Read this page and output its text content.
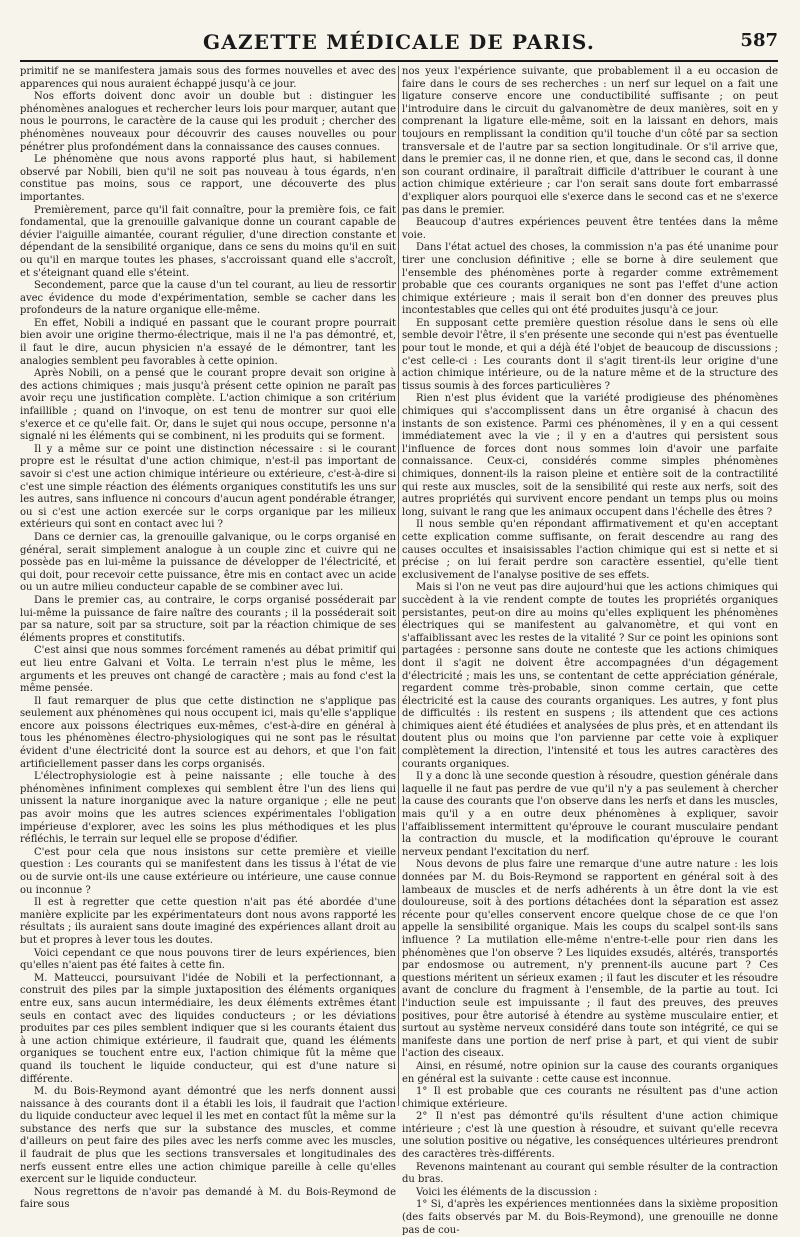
GAZETTE MÉDICALE DE PARIS.	587

primitif ne se manifestera jamais sous des formes nouvelles et avec des apparences qui nous auraient échappé jusqu'à ce jour.

Nos efforts doivent donc avoir un double but : distinguer les phénomènes analogues et rechercher leurs lois pour marquer, autant que nous le pourrons, le caractère de la cause qui les produit ; chercher des phénomènes nouveaux pour découvrir des causes nouvelles ou pour pénétrer plus profondément dans la connaissance des causes connues.

Le phénomène que nous avons rapporté plus haut, si habilement observé par Nobili, bien qu'il ne soit pas nouveau à tous égards, n'en constitue pas moins, sous ce rapport, une découverte des plus importantes.

Premièrement, parce qu'il fait connaître, pour la première fois, ce fait fondamental, que la grenouille galvanique donne un courant capable de dévier l'aiguille aimantée, courant régulier, d'une direction constante et dépendant de la sensibilité organique, dans ce sens du moins qu'il en suit ou qu'il en marque toutes les phases, s'accroissant quand elle s'accroît, et s'éteignant quand elle s'éteint.

Secondement, parce que la cause d'un tel courant, au lieu de ressortir avec évidence du mode d'expérimentation, semble se cacher dans les profondeurs de la nature organique elle-même.

En effet, Nobili a indiqué en passant que le courant propre pourrait bien avoir une origine thermo-électrique, mais il ne l'a pas démontré, et, il faut le dire, aucun physicien n'a essayé de le démontrer, tant les analogies semblent peu favorables à cette opinion.

Après Nobili, on a pensé que le courant propre devait son origine à des actions chimiques ; mais jusqu'à présent cette opinion ne paraît pas avoir reçu une justification complète. L'action chimique a son critérium infaillible ; quand on l'invoque, on est tenu de montrer sur quoi elle s'exerce et ce qu'elle fait. Or, dans le sujet qui nous occupe, personne n'a signalé ni les éléments qui se combinent, ni les produits qui se forment.

Il y a même sur ce point une distinction nécessaire : si le courant propre est le résultat d'une action chimique, n'est-il pas important de savoir si c'est une action chimique intérieure ou extérieure, c'est-à-dire si c'est une simple réaction des éléments organiques constitutifs les uns sur les autres, sans influence ni concours d'aucun agent pondérable étranger, ou si c'est une action exercée sur le corps organique par les milieux extérieurs qui sont en contact avec lui ?

Dans ce dernier cas, la grenouille galvanique, ou le corps organisé en général, serait simplement analogue à un couple zinc et cuivre qui ne possède pas en lui-même la puissance de développer de l'électricité, et qui doit, pour recevoir cette puissance, être mis en contact avec un acide ou un autre milieu conducteur capable de se combiner avec lui.

Dans le premier cas, au contraire, le corps organisé posséderait par lui-même la puissance de faire naître des courants ; il la posséderait soit par sa nature, soit par sa structure, soit par la réaction chimique de ses éléments propres et constitutifs.

C'est ainsi que nous sommes forcément ramenés au débat primitif qui eut lieu entre Galvani et Volta. Le terrain n'est plus le même, les arguments et les preuves ont changé de caractère ; mais au fond c'est la même pensée.

Il faut remarquer de plus que cette distinction ne s'applique pas seulement aux phénomènes qui nous occupent ici, mais qu'elle s'applique encore aux poissons électriques eux-mêmes, c'est-à-dire en général à tous les phénomènes électro-physiologiques qui ne sont pas le résultat évident d'une électricité dont la source est au dehors, et que l'on fait artificiellement passer dans les corps organisés.

L'électrophysiologie est à peine naissante ; elle touche à des phénomènes infiniment complexes qui semblent être l'un des liens qui unissent la nature inorganique avec la nature organique ; elle ne peut pas avoir moins que les autres sciences expérimentales l'obligation impérieuse d'explorer, avec les soins les plus méthodiques et les plus réfléchis, le terrain sur lequel elle se propose d'édifier.

C'est pour cela que nous insistons sur cette première et vieille question : Les courants qui se manifestent dans les tissus à l'état de vie ou de survie ont-ils une cause extérieure ou intérieure, une cause connue ou inconnue ?

Il est à regretter que cette question n'ait pas été abordée d'une manière explicite par les expérimentateurs dont nous avons rapporté les résultats ; ils auraient sans doute imaginé des expériences allant droit au but et propres à lever tous les doutes.

Voici cependant ce que nous pouvons tirer de leurs expériences, bien qu'elles n'aient pas été faites à cette fin.

M. Matteucci, poursuivant l'idée de Nobili et la perfectionnant, a construit des piles par la simple juxtaposition des éléments organiques entre eux, sans aucun intermédiaire, les deux éléments extrêmes étant seuls en contact avec des liquides conducteurs ; or les déviations produites par ces piles semblent indiquer que si les courants étaient dus à une action chimique extérieure, il faudrait que, quand les éléments organiques se touchent entre eux, l'action chimique fût la même que quand ils touchent le liquide conducteur, qui est d'une nature si différente.

M. du Bois-Reymond ayant démontré que les nerfs donnent aussi naissance à des courants dont il a établi les lois, il faudrait que l'action du liquide conducteur avec lequel il les met en contact fût la même sur la substance des nerfs que sur la substance des muscles, et comme d'ailleurs on peut faire des piles avec les nerfs comme avec les muscles, il faudrait de plus que les sections transversales et longitudinales des nerfs eussent entre elles une action chimique pareille à celle qu'elles exercent sur le liquide conducteur.

Nous regrettons de n'avoir pas demandé à M. du Bois-Reymond de faire sous

nos yeux l'expérience suivante, que probablement il a eu occasion de faire dans le cours de ses recherches : un nerf sur lequel on a fait une ligature conserve encore une conductibilité suffisante ; on peut l'introduire dans le circuit du galvanomètre de deux manières, soit en y comprenant la ligature elle-même, soit en la laissant en dehors, mais toujours en remplissant la condition qu'il touche d'un côté par sa section transversale et de l'autre par sa section longitudinale. Or s'il arrive que, dans le premier cas, il ne donne rien, et que, dans le second cas, il donne son courant ordinaire, il paraîtrait difficile d'attribuer le courant à une action chimique extérieure ; car l'on serait sans doute fort embarrassé d'expliquer alors pourquoi elle s'exerce dans le second cas et ne s'exerce pas dans le premier.

Beaucoup d'autres expériences peuvent être tentées dans la même voie.

Dans l'état actuel des choses, la commission n'a pas été unanime pour tirer une conclusion définitive ; elle se borne à dire seulement que l'ensemble des phénomènes porte à regarder comme extrêmement probable que ces courants organiques ne sont pas l'effet d'une action chimique extérieure ; mais il serait bon d'en donner des preuves plus incontestables que celles qui ont été produites jusqu'à ce jour.

En supposant cette première question résolue dans le sens où elle semble devoir l'être, il s'en présente une seconde qui n'est pas éventuelle pour tout le monde, et qui a déjà été l'objet de beaucoup de discussions ; c'est celle-ci : Les courants dont il s'agit tirent-ils leur origine d'une action chimique intérieure, ou de la nature même et de la structure des tissus soumis à des forces particulières ?

Rien n'est plus évident que la variété prodigieuse des phénomènes chimiques qui s'accomplissent dans un être organisé à chacun des instants de son existence. Parmi ces phénomènes, il y en a qui cessent immédiatement avec la vie ; il y en a d'autres qui persistent sous l'influence de forces dont nous sommes loin d'avoir une parfaite connaissance. Ceux-ci, considérés comme simples phénomènes chimiques, donnent-ils la raison pleine et entière soit de la contractilité qui reste aux muscles, soit de la sensibilité qui reste aux nerfs, soit des autres propriétés qui survivent encore pendant un temps plus ou moins long, suivant le rang que les animaux occupent dans l'échelle des êtres ?

Il nous semble qu'en répondant affirmativement et qu'en acceptant cette explication comme suffisante, on ferait descendre au rang des causes occultes et insaisissables l'action chimique qui est si nette et si précise ; on lui ferait perdre son caractère essentiel, qu'elle tient exclusivement de l'analyse positive de ses effets.

Mais si l'on ne veut pas dire aujourd'hui que les actions chimiques qui succèdent à la vie rendent compte de toutes les propriétés organiques persistantes, peut-on dire au moins qu'elles expliquent les phénomènes électriques qui se manifestent au galvanomètre, et qui vont en s'affaiblissant avec les restes de la vitalité ? Sur ce point les opinions sont partagées : personne sans doute ne conteste que les actions chimiques dont il s'agit ne doivent être accompagnées d'un dégagement d'électricité ; mais les uns, se contentant de cette appréciation générale, regardent comme très-probable, sinon comme certain, que cette électricité est la cause des courants organiques. Les autres, y font plus de difficultés : ils restent en suspens ; ils attendent que ces actions chimiques aient été étudiées et analysées de plus près, et en attendant ils doutent plus ou moins que l'on parvienne par cette voie à expliquer complètement la direction, l'intensité et tous les autres caractères des courants organiques.

Il y a donc là une seconde question à résoudre, question générale dans laquelle il ne faut pas perdre de vue qu'il n'y a pas seulement à chercher la cause des courants que l'on observe dans les nerfs et dans les muscles, mais qu'il y a en outre deux phénomènes à expliquer, savoir l'affaiblissement intermittent qu'éprouve le courant musculaire pendant la contraction du muscle, et la modification qu'éprouve le courant nerveux pendant l'excitation du nerf.

Nous devons de plus faire une remarque d'une autre nature : les lois données par M. du Bois-Reymond se rapportent en général soit à des lambeaux de muscles et de nerfs adhérents à un être dont la vie est douloureuse, soit à des portions détachées dont la séparation est assez récente pour qu'elles conservent encore quelque chose de ce que l'on appelle la sensibilité organique. Mais les coups du scalpel sont-ils sans influence ? La mutilation elle-même n'entre-t-elle pour rien dans les phénomènes que l'on observe ? Les liquides exsudés, altérés, transportés par endosmose ou autrement, n'y prennent-ils aucune part ? Ces questions méritent un sérieux examen ; il faut les discuter et les résoudre avant de conclure du fragment à l'ensemble, de la partie au tout. Ici l'induction seule est impuissante ; il faut des preuves, des preuves positives, pour être autorisé à étendre au système musculaire entier, et surtout au système nerveux considéré dans toute son intégrité, ce qui se manifeste dans une portion de nerf prise à part, et qui vient de subir l'action des ciseaux.

Ainsi, en résumé, notre opinion sur la cause des courants organiques en général est la suivante : cette cause est inconnue.

1° Il est probable que ces courants ne résultent pas d'une action chimique extérieure.

2° Il n'est pas démontré qu'ils résultent d'une action chimique intérieure ; c'est là une question à résoudre, et suivant qu'elle recevra une solution positive ou négative, les conséquences ultérieures prendront des caractères très-différents.

Revenons maintenant au courant qui semble résulter de la contraction du bras.

Voici les éléments de la discussion :

1° Si, d'après les expériences mentionnées dans la sixième proposition (des faits observés par M. du Bois-Reymond), une grenouille ne donne pas de cou-
